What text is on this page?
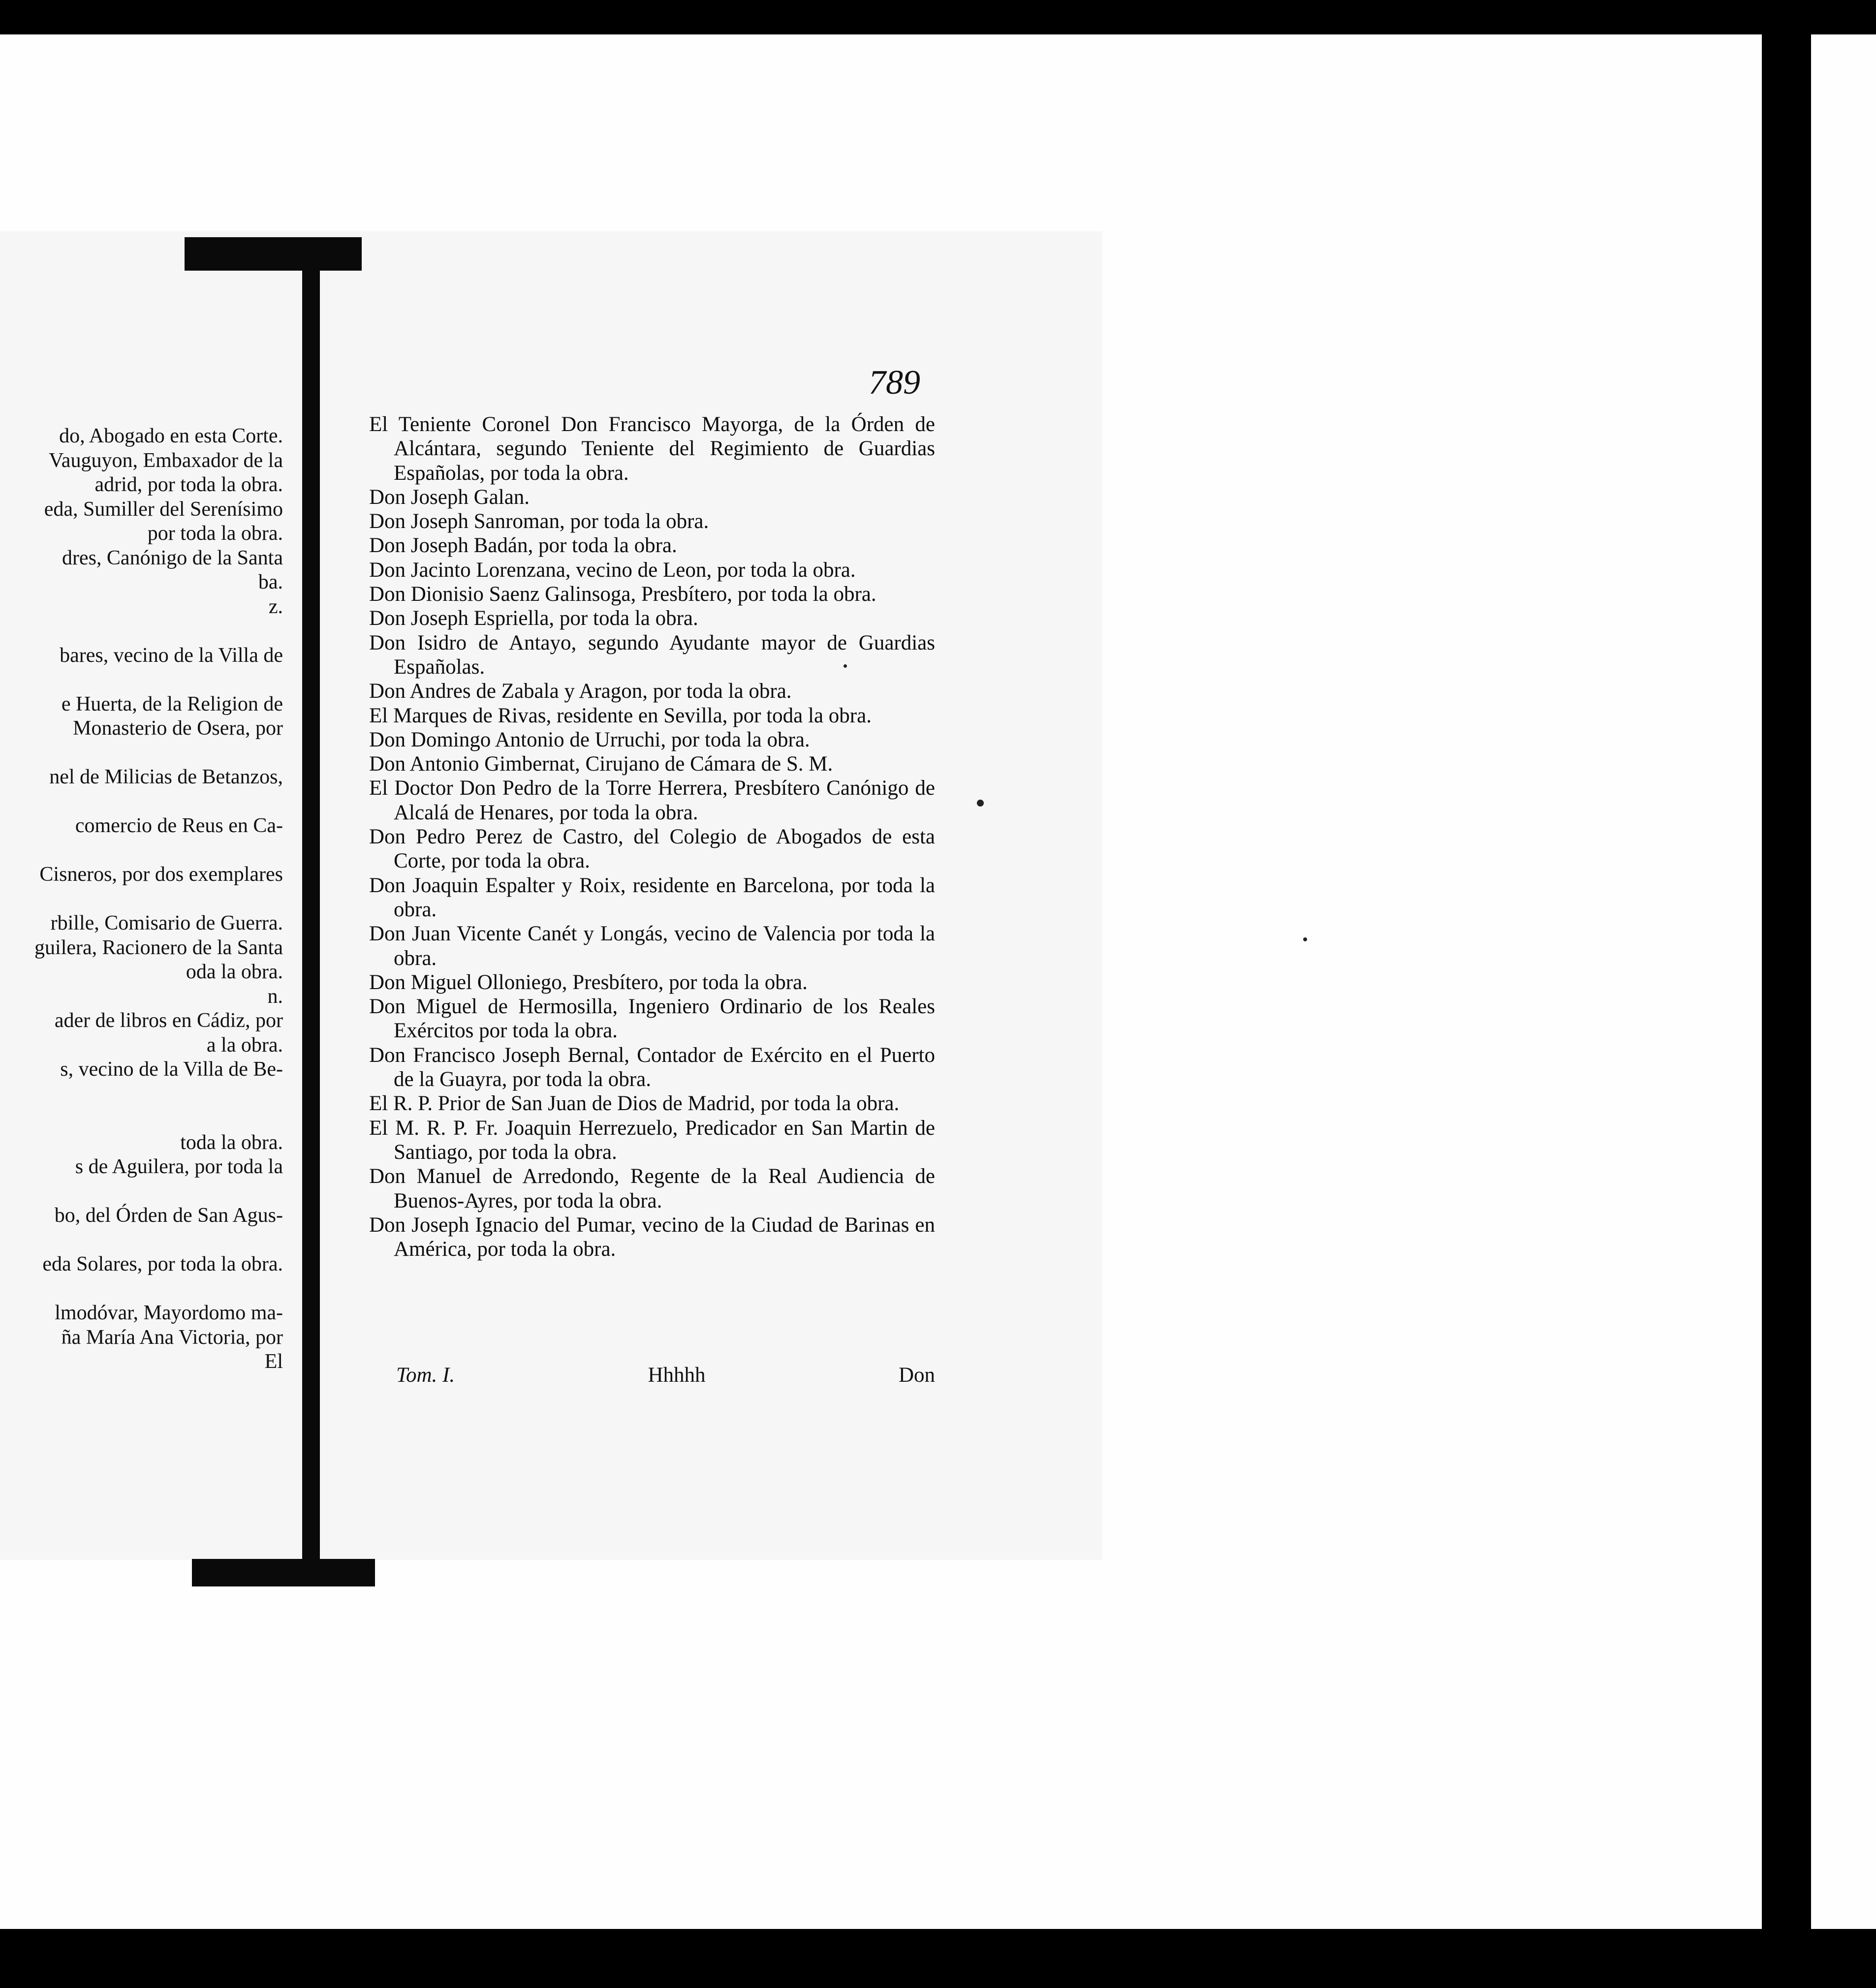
do, Abogado en esta Corte.
Vauguyon, Embaxador de la
adrid, por toda la obra.
eda, Sumiller del Serenísimo
por toda la obra.
dres, Canónigo de la Santa
ba.
z.
bares, vecino de la Villa de
e Huerta, de la Religion de
Monasterio de Osera, por
nel de Milicias de Betanzos,
comercio de Reus en Ca-
Cisneros, por dos exemplares
rbille, Comisario de Guerra.
guilera, Racionero de la Santa
oda la obra.
n.
ader de libros en Cádiz, por
a la obra.
s, vecino de la Villa de Be-
toda la obra.
s de Aguilera, por toda la
bo, del Órden de San Agus-
eda Solares, por toda la obra.
lmodóvar, Mayordomo ma-
ña María Ana Victoria, por
El
789
El Teniente Coronel Don Francisco Mayorga, de la Órden de Alcántara, segundo Teniente del Regimiento de Guardias Españolas, por toda la obra.
Don Joseph Galan.
Don Joseph Sanroman, por toda la obra.
Don Joseph Badán, por toda la obra.
Don Jacinto Lorenzana, vecino de Leon, por toda la obra.
Don Dionisio Saenz Galinsoga, Presbítero, por toda la obra.
Don Joseph Espriella, por toda la obra.
Don Isidro de Antayo, segundo Ayudante mayor de Guardias Españolas.
Don Andres de Zabala y Aragon, por toda la obra.
El Marques de Rivas, residente en Sevilla, por toda la obra.
Don Domingo Antonio de Urruchi, por toda la obra.
Don Antonio Gimbernat, Cirujano de Cámara de S. M.
El Doctor Don Pedro de la Torre Herrera, Presbítero Canónigo de Alcalá de Henares, por toda la obra.
Don Pedro Perez de Castro, del Colegio de Abogados de esta Corte, por toda la obra.
Don Joaquin Espalter y Roix, residente en Barcelona, por toda la obra.
Don Juan Vicente Canét y Longás, vecino de Valencia por toda la obra.
Don Miguel Olloniego, Presbítero, por toda la obra.
Don Miguel de Hermosilla, Ingeniero Ordinario de los Reales Exércitos por toda la obra.
Don Francisco Joseph Bernal, Contador de Exército en el Puerto de la Guayra, por toda la obra.
El R. P. Prior de San Juan de Dios de Madrid, por toda la obra.
El M. R. P. Fr. Joaquin Herrezuelo, Predicador en San Martin de Santiago, por toda la obra.
Don Manuel de Arredondo, Regente de la Real Audiencia de Buenos-Ayres, por toda la obra.
Don Joseph Ignacio del Pumar, vecino de la Ciudad de Barinas en América, por toda la obra.
Tom. I.	Hhhhh	Don
